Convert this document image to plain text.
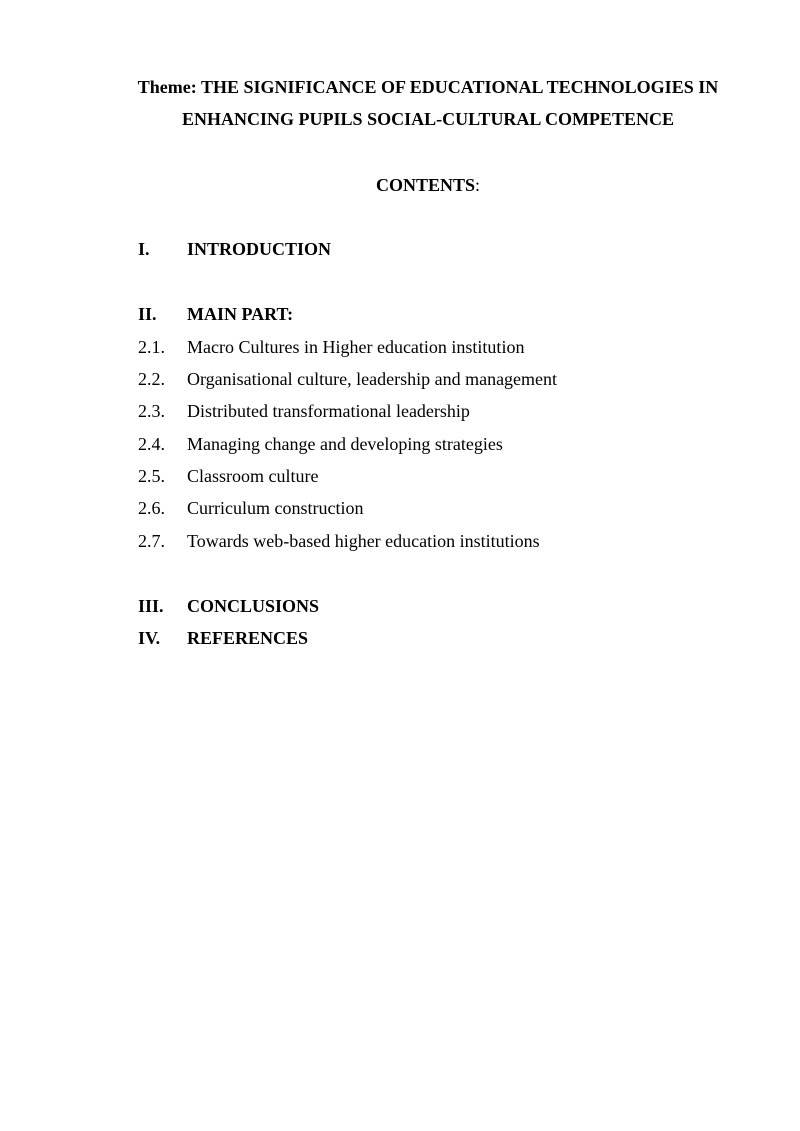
Theme: THE SIGNIFICANCE OF EDUCATIONAL TECHNOLOGIES IN
ENHANCING PUPILS SOCIAL-CULTURAL COMPETENCE
CONTENTS:
I. INTRODUCTION
II. MAIN PART:
2.1. Macro Cultures in Higher education institution
2.2. Organisational culture, leadership and management
2.3. Distributed transformational leadership
2.4. Managing change and developing strategies
2.5. Classroom culture
2.6. Curriculum construction
2.7. Towards web-based higher education institutions
III. CONCLUSIONS
IV. REFERENCES
